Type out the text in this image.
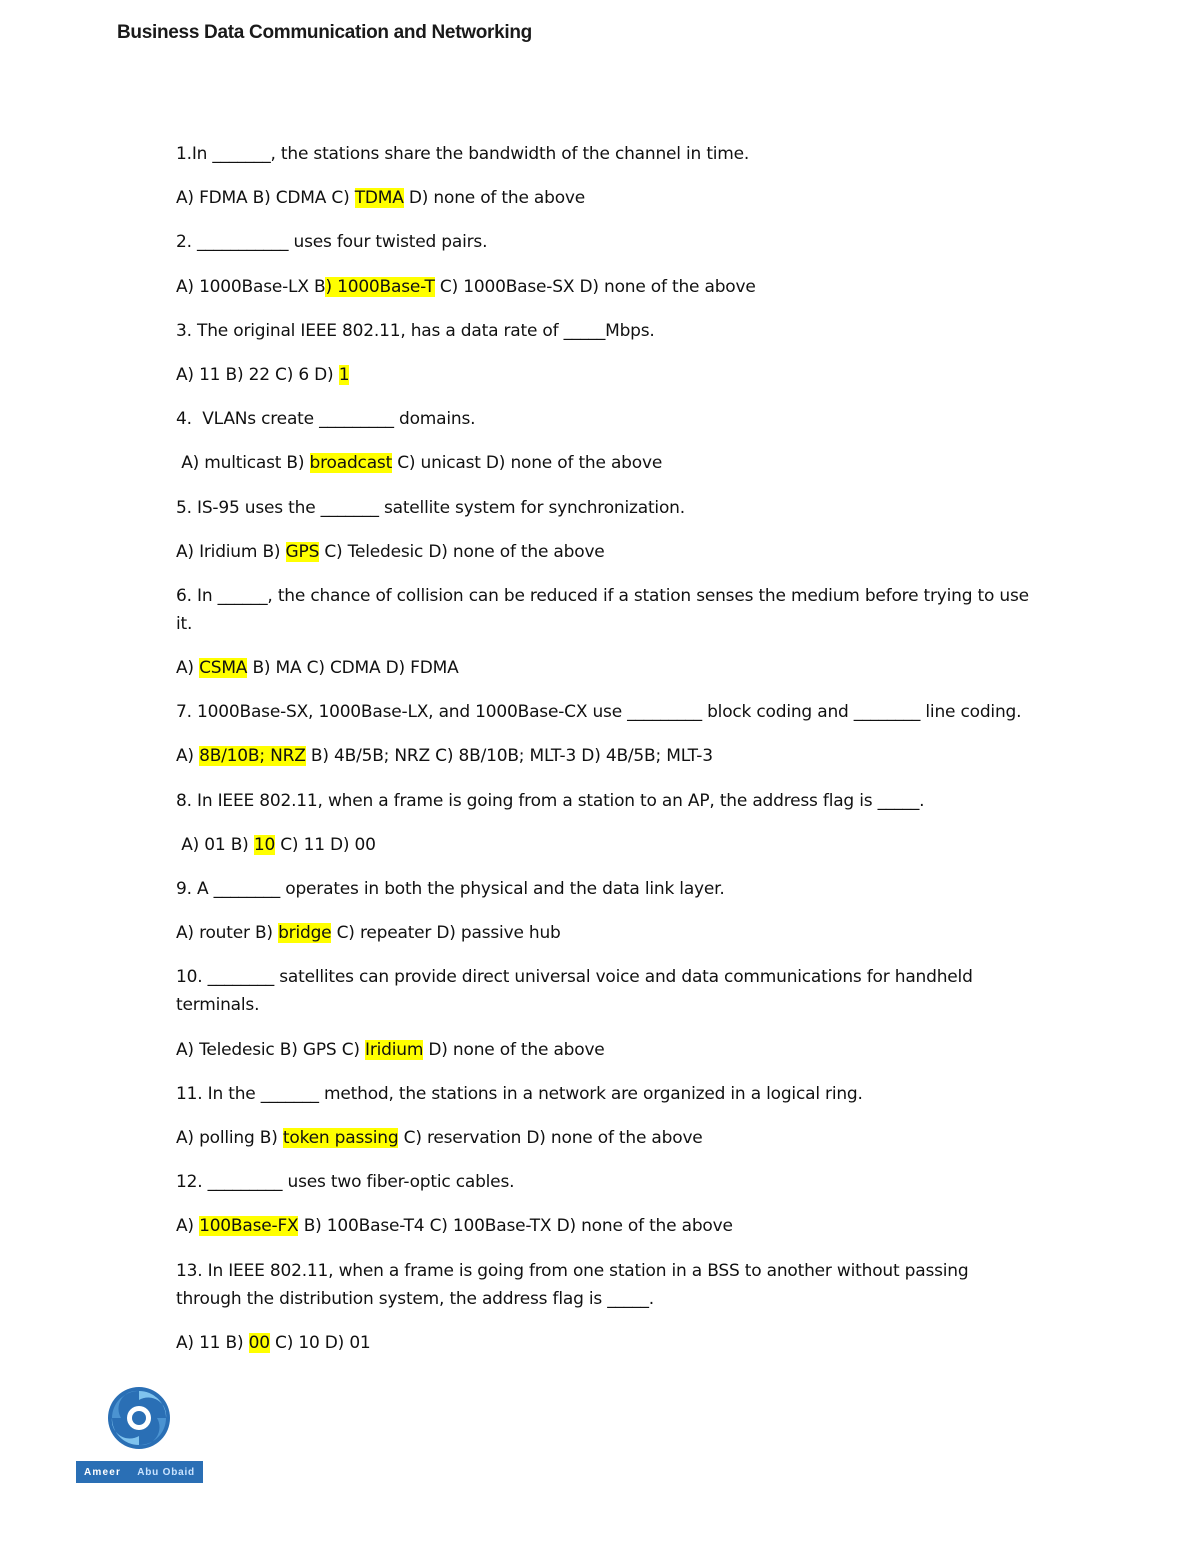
Business Data Communication and Networking
1.In _______, the stations share the bandwidth of the channel in time.
A) FDMA B) CDMA C) TDMA D) none of the above
2. ___________ uses four twisted pairs.
A) 1000Base-LX B) 1000Base-T C) 1000Base-SX D) none of the above
3. The original IEEE 802.11, has a data rate of _____Mbps.
A) 11 B) 22 C) 6 D) 1
4.  VLANs create _________ domains.
A) multicast B) broadcast C) unicast D) none of the above
5. IS-95 uses the _______ satellite system for synchronization.
A) Iridium B) GPS C) Teledesic D) none of the above
6. In ______, the chance of collision can be reduced if a station senses the medium before trying to use it.
A) CSMA B) MA C) CDMA D) FDMA
7. 1000Base-SX, 1000Base-LX, and 1000Base-CX use _________ block coding and ________ line coding.
A) 8B/10B; NRZ B) 4B/5B; NRZ C) 8B/10B; MLT-3 D) 4B/5B; MLT-3
8. In IEEE 802.11, when a frame is going from a station to an AP, the address flag is _____.
A) 01 B) 10 C) 11 D) 00
9. A ________ operates in both the physical and the data link layer.
A) router B) bridge C) repeater D) passive hub
10. ________ satellites can provide direct universal voice and data communications for handheld terminals.
A) Teledesic B) GPS C) Iridium D) none of the above
11. In the _______ method, the stations in a network are organized in a logical ring.
A) polling B) token passing C) reservation D) none of the above
12. _________ uses two fiber-optic cables.
A) 100Base-FX B) 100Base-T4 C) 100Base-TX D) none of the above
13. In IEEE 802.11, when a frame is going from one station in a BSS to another without passing through the distribution system, the address flag is _____.
A) 11 B) 00 C) 10 D) 01
Ameer Abu Obaid
